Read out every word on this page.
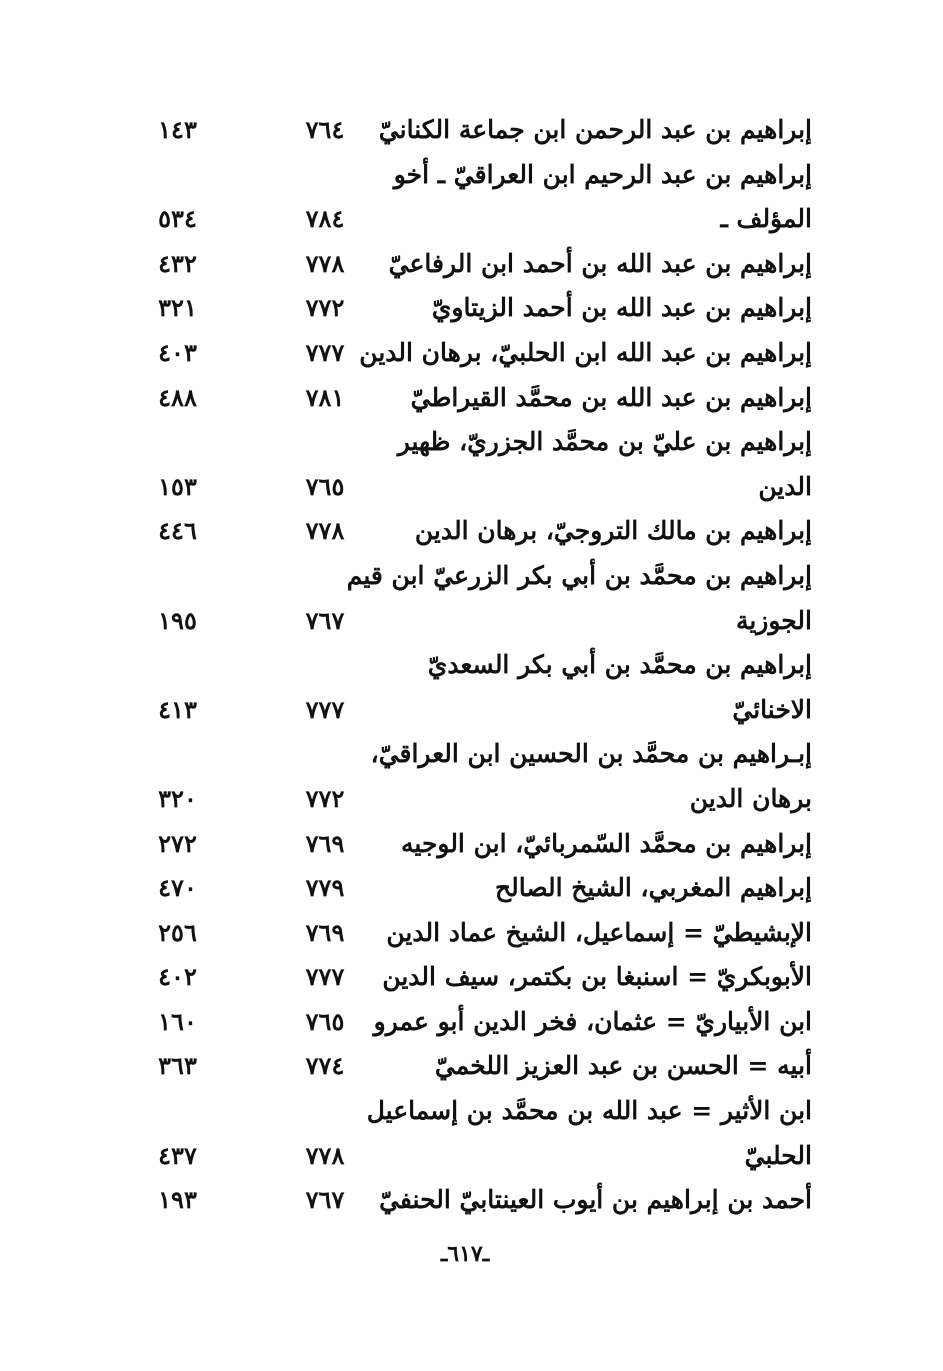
إبراهيم بن عبد الرحمن ابن جماعة الكنانيّ
٧٦٤
١٤٣
إبراهيم بن عبد الرحيم ابن العراقيّ ـ أخو
المؤلف ـ
٧٨٤
٥٣٤
إبراهيم بن عبد الله بن أحمد ابن الرفاعيّ
٧٧٨
٤٣٢
إبراهيم بن عبد الله بن أحمد الزيتاويّ
٧٧٢
٣٢١
إبراهيم بن عبد الله ابن الحلبيّ، برهان الدين
٧٧٧
٤٠٣
إبراهيم بن عبد الله بن محمَّد القيراطيّ
٧٨١
٤٨٨
إبراهيم بن عليّ بن محمَّد الجزريّ، ظهير
الدين
٧٦٥
١٥٣
إبراهيم بن مالك التروجيّ، برهان الدين
٧٧٨
٤٤٦
إبراهيم بن محمَّد بن أبي بكر الزرعيّ ابن قيم
الجوزية
٧٦٧
١٩٥
إبراهيم بن محمَّد بن أبي بكر السعديّ
الاخنائيّ
٧٧٧
٤١٣
إبـراهيم بن محمَّد بن الحسين ابن العراقيّ،
برهان الدين
٧٧٢
٣٢٠
إبراهيم بن محمَّد السّمربائيّ، ابن الوجيه
٧٦٩
٢٧٢
إبراهيم المغربي، الشيخ الصالح
٧٧٩
٤٧٠
الإبشيطيّ = إسماعيل، الشيخ عماد الدين
٧٦٩
٢٥٦
الأبوبكريّ = اسنبغا بن بكتمر، سيف الدين
٧٧٧
٤٠٢
ابن الأبياريّ = عثمان، فخر الدين أبو عمرو
٧٦٥
١٦٠
أبيه = الحسن بن عبد العزيز اللخميّ
٧٧٤
٣٦٣
ابن الأثير = عبد الله بن محمَّد بن إسماعيل
الحلبيّ
٧٧٨
٤٣٧
أحمد بن إبراهيم بن أيوب العينتابيّ الحنفيّ
٧٦٧
١٩٣
ـ٦١٧ـ
